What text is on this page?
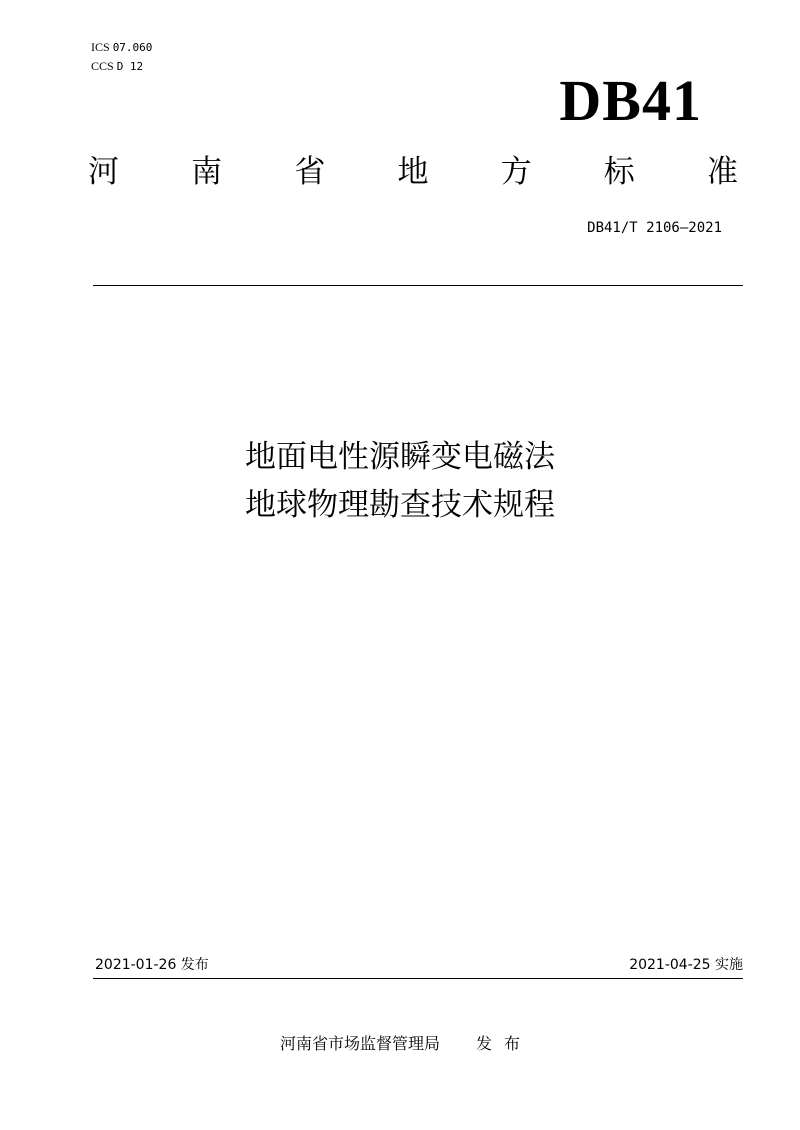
ICS 07.060
CCS D 12
DB41
河 南 省 地 方 标 准
DB41/T 2106—2021
地面电性源瞬变电磁法
地球物理勘查技术规程
2021-01-26 发布	2021-04-25 实施
河南省市场监督管理局 发布
